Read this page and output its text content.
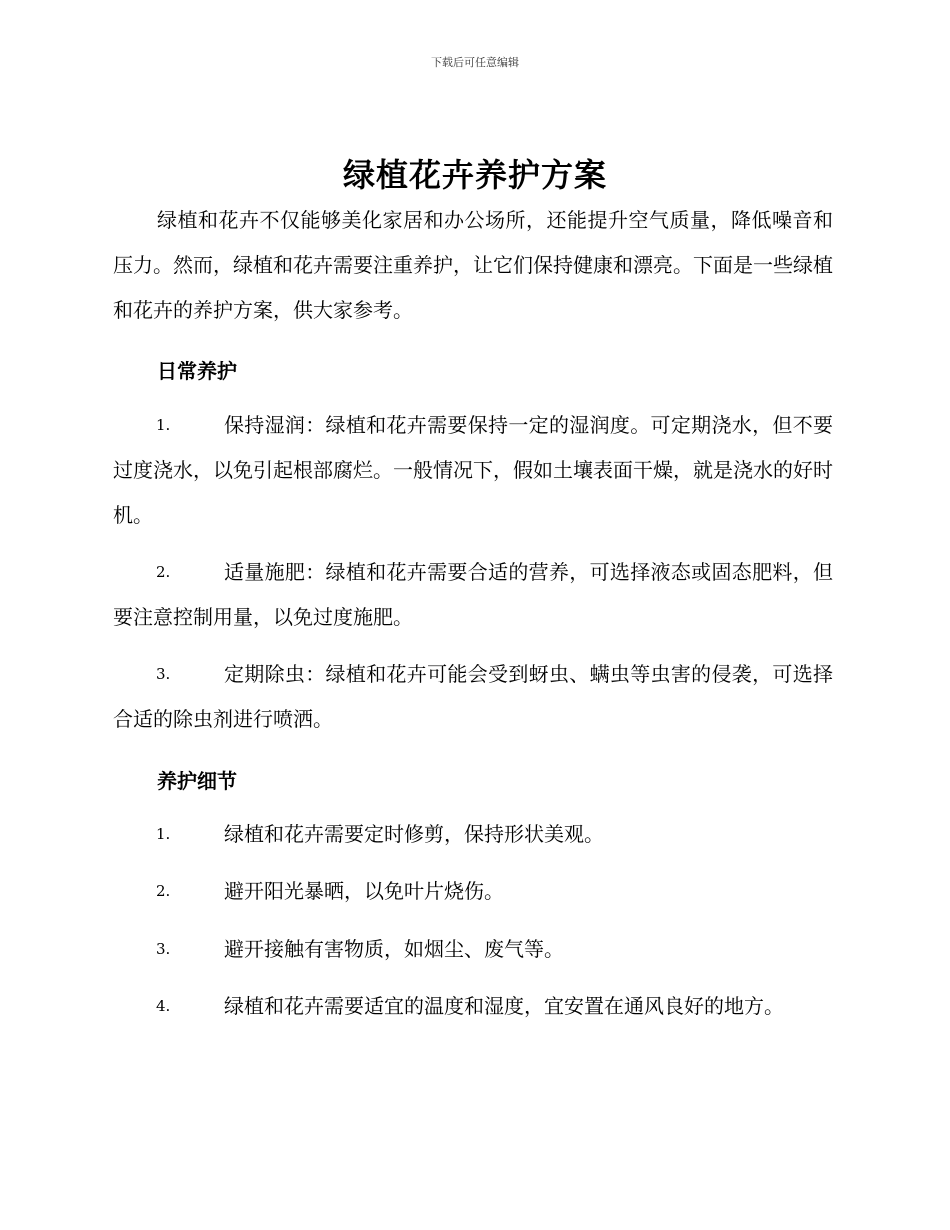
下载后可任意编辑
绿植花卉养护方案
绿植和花卉不仅能够美化家居和办公场所，还能提升空气质量，降低噪音和压力。然而，绿植和花卉需要注重养护，让它们保持健康和漂亮。下面是一些绿植和花卉的养护方案，供大家参考。
日常养护
1.	保持湿润：绿植和花卉需要保持一定的湿润度。可定期浇水，但不要过度浇水，以免引起根部腐烂。一般情况下，假如土壤表面干燥，就是浇水的好时机。
2.	适量施肥：绿植和花卉需要合适的营养，可选择液态或固态肥料，但要注意控制用量，以免过度施肥。
3.	定期除虫：绿植和花卉可能会受到蚜虫、螨虫等虫害的侵袭，可选择合适的除虫剂进行喷洒。
养护细节
1.	绿植和花卉需要定时修剪，保持形状美观。
2.	避开阳光暴晒，以免叶片烧伤。
3.	避开接触有害物质，如烟尘、废气等。
4.	绿植和花卉需要适宜的温度和湿度，宜安置在通风良好的地方。
